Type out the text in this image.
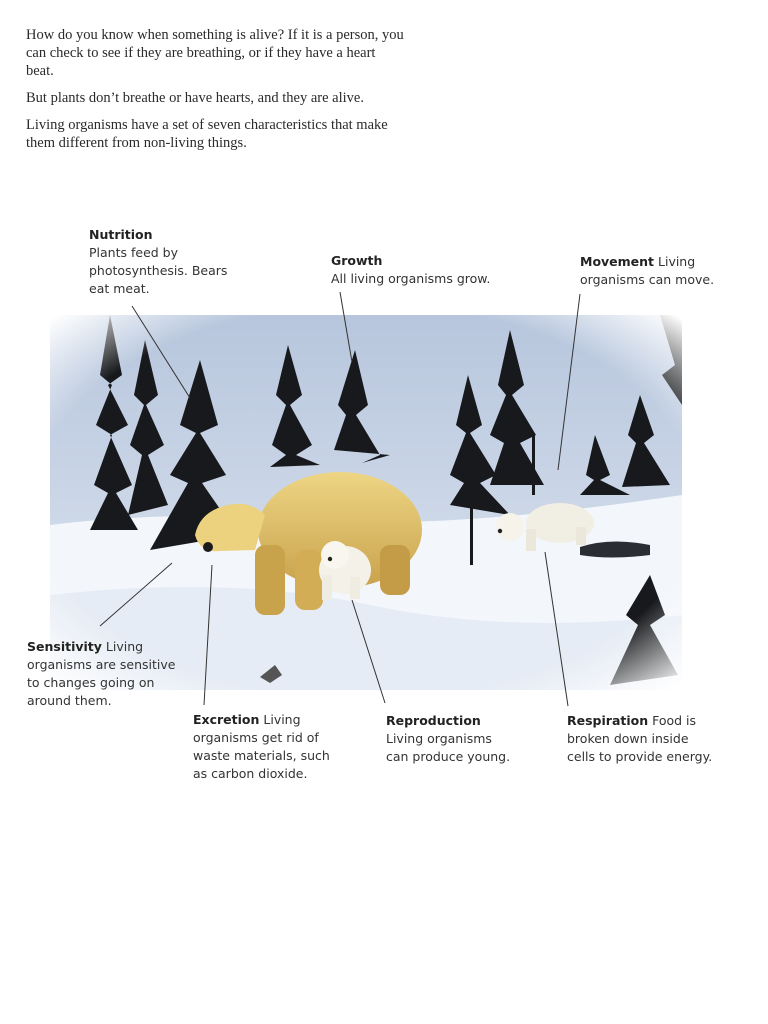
How do you know when something is alive? If it is a person, you can check to see if they are breathing, or if they have a heart beat.

But plants don’t breathe or have hearts, and they are alive.

Living organisms have a set of seven characteristics that make them different from non-living things.

Nutrition
Plants feed by
photosynthesis. Bears
eat meat.
Growth
All living organisms grow.
Movement Living
organisms can move.
Sensitivity Living
organisms are sensitive
to changes going on
around them.
Excretion Living
organisms get rid of
waste materials, such
as carbon dioxide.
Reproduction
Living organisms
can produce young.
Respiration Food is
broken down inside
cells to provide energy.
